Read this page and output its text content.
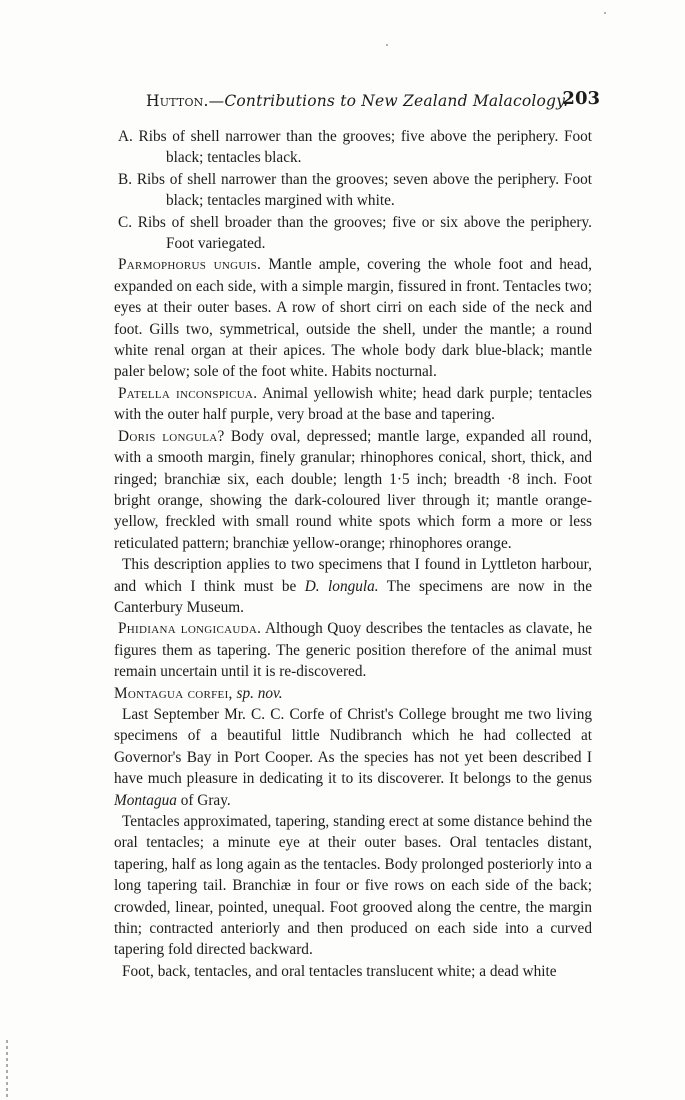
Hutton.—Contributions to New Zealand Malacology.
203

A. Ribs of shell narrower than the grooves; five above the periphery. Foot black; tentacles black.

B. Ribs of shell narrower than the grooves; seven above the periphery. Foot black; tentacles margined with white.

C. Ribs of shell broader than the grooves; five or six above the periphery. Foot variegated.

Parmophorus unguis. Mantle ample, covering the whole foot and head, expanded on each side, with a simple margin, fissured in front. Tentacles two; eyes at their outer bases. A row of short cirri on each side of the neck and foot. Gills two, symmetrical, outside the shell, under the mantle; a round white renal organ at their apices. The whole body dark blue-black; mantle paler below; sole of the foot white. Habits nocturnal.

Patella inconspicua. Animal yellowish white; head dark purple; tentacles with the outer half purple, very broad at the base and tapering.

Doris longula? Body oval, depressed; mantle large, expanded all round, with a smooth margin, finely granular; rhinophores conical, short, thick, and ringed; branchiæ six, each double; length 1·5 inch; breadth ·8 inch. Foot bright orange, showing the dark-coloured liver through it; mantle orange-yellow, freckled with small round white spots which form a more or less reticulated pattern; branchiæ yellow-orange; rhinophores orange.

This description applies to two specimens that I found in Lyttleton harbour, and which I think must be D. longula. The specimens are now in the Canterbury Museum.

Phidiana longicauda. Although Quoy describes the tentacles as clavate, he figures them as tapering. The generic position therefore of the animal must remain uncertain until it is re-discovered.

Montagua corfei, sp. nov.

Last September Mr. C. C. Corfe of Christ's College brought me two living specimens of a beautiful little Nudibranch which he had collected at Governor's Bay in Port Cooper. As the species has not yet been described I have much pleasure in dedicating it to its discoverer. It belongs to the genus Montagua of Gray.

Tentacles approximated, tapering, standing erect at some distance behind the oral tentacles; a minute eye at their outer bases. Oral tentacles distant, tapering, half as long again as the tentacles. Body prolonged posteriorly into a long tapering tail. Branchiæ in four or five rows on each side of the back; crowded, linear, pointed, unequal. Foot grooved along the centre, the margin thin; contracted anteriorly and then produced on each side into a curved tapering fold directed backward.

Foot, back, tentacles, and oral tentacles translucent white; a dead white
